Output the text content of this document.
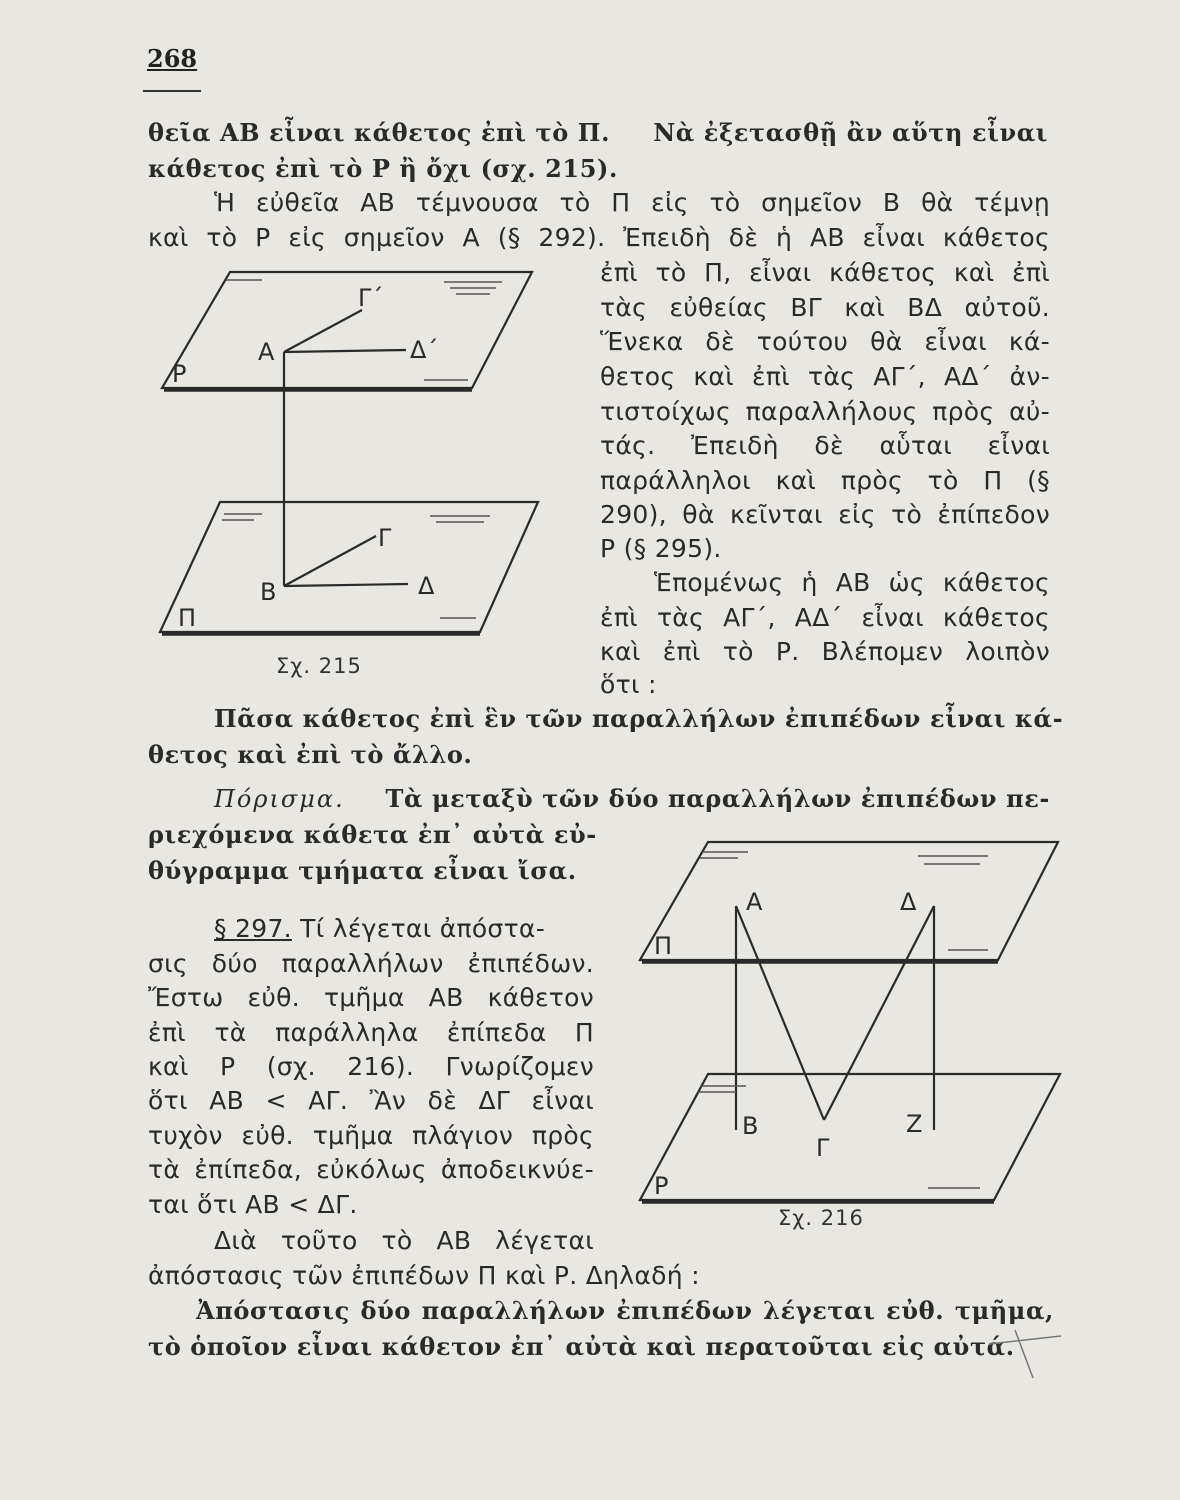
268
θεῖα ΑΒ εἶναι κάθετος ἐπὶ τὸ Π. Νὰ ἐξετασθῇ ἂν αὕτη εἶναι
κάθετος ἐπὶ τὸ Ρ ἢ ὄχι (σχ. 215).
Ἡ εὐθεῖα ΑΒ τέμνουσα τὸ Π εἰς τὸ σημεῖον Β θὰ τέμνῃ
καὶ τὸ Ρ εἰς σημεῖον Α (§ 292). Ἐπειδὴ δὲ ἡ ΑΒ εἶναι κάθετος
ἐπὶ τὸ Π, εἶναι κάθετος καὶ ἐπὶ
τὰς εὐθείας ΒΓ καὶ ΒΔ αὐτοῦ.
Ἕνεκα δὲ τούτου θὰ εἶναι κά-
θετος καὶ ἐπὶ τὰς ΑΓ΄, ΑΔ΄ ἀν-
τιστοίχως παραλλήλους πρὸς αὐ-
τάς. Ἐπειδὴ δὲ αὗται εἶναι
παράλληλοι καὶ πρὸς τὸ Π (§
290), θὰ κεῖνται εἰς τὸ ἐπίπεδον
Ρ (§ 295).
Ἑπομένως ἡ ΑΒ ὡς κάθετος
ἐπὶ τὰς ΑΓ΄, ΑΔ΄ εἶναι κάθετος
καὶ ἐπὶ τὸ Ρ. Βλέπομεν λοιπὸν
ὅτι :
Α
Γ΄
Δ΄
Ρ
Β
Γ
Δ
Π
Σχ. 215
Πᾶσα κάθετος ἐπὶ ἓν τῶν παραλλήλων ἐπιπέδων εἶναι κά-
θετος καὶ ἐπὶ τὸ ἄλλο.
Πόρισμα. Τὰ μεταξὺ τῶν δύο παραλλήλων ἐπιπέδων πε-
ριεχόμενα κάθετα ἐπ᾿ αὐτὰ εὐ-
θύγραμμα τμήματα εἶναι ἴσα.
§ 297. Τί λέγεται ἀπόστα-
σις δύο παραλλήλων ἐπιπέδων.
Ἔστω εὐθ. τμῆμα ΑΒ κάθετον
ἐπὶ τὰ παράλληλα ἐπίπεδα Π
καὶ Ρ (σχ. 216). Γνωρίζομεν
ὅτι ΑΒ < ΑΓ. Ἂν δὲ ΔΓ εἶναι
τυχὸν εὐθ. τμῆμα πλάγιον πρὸς
τὰ ἐπίπεδα, εὐκόλως ἀποδεικνύε-
ται ὅτι ΑΒ < ΔΓ.
Διὰ τοῦτο τὸ ΑΒ λέγεται
ἀπόστασις τῶν ἐπιπέδων Π καὶ Ρ. Δηλαδή :
Α	Δ
Π
Β
Γ
Ζ
Ρ
Σχ. 216
Ἀπόστασις δύο παραλλήλων ἐπιπέδων λέγεται εὐθ. τμῆμα,
τὸ ὁποῖον εἶναι κάθετον ἐπ᾿ αὐτὰ καὶ περατοῦται εἰς αὐτά.
